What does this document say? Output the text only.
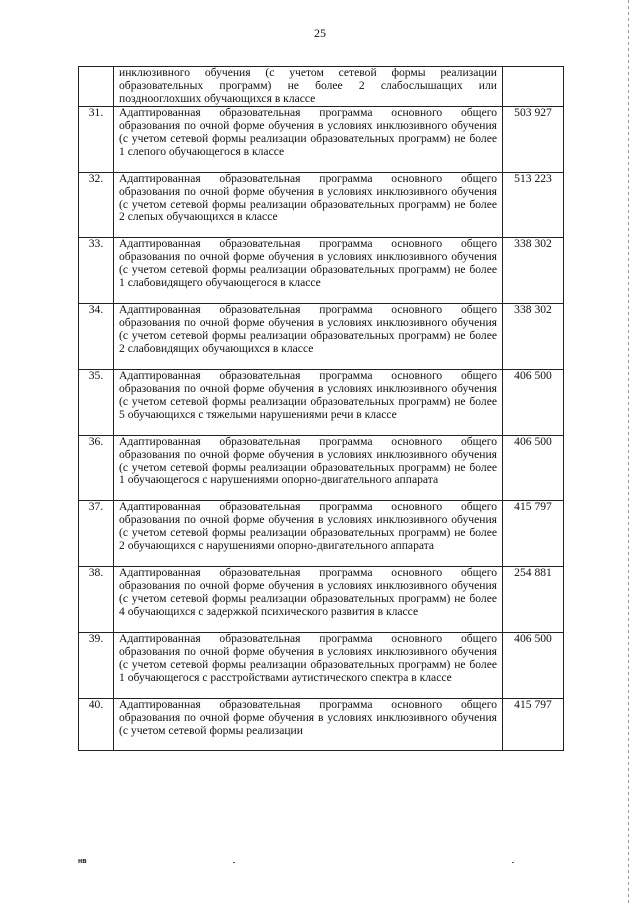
25

	инклюзивного обучения (с учетом сетевой формы реализации образовательных программ) не более 2 слабослышащих или позднооглохших обучающихся в классе		

31.	Адаптированная образовательная программа основного общего образования по очной форме обучения в условиях инклюзивного обучения (с учетом сетевой формы реализации образовательных программ) не более 1 слепого обучающегося в классе	503 927	

32.	Адаптированная образовательная программа основного общего образования по очной форме обучения в условиях инклюзивного обучения (с учетом сетевой формы реализации образовательных программ) не более 2 слепых обучающихся в классе	513 223	

33.	Адаптированная образовательная программа основного общего образования по очной форме обучения в условиях инклюзивного обучения (с учетом сетевой формы реализации образовательных программ) не более 1 слабовидящего обучающегося в классе	338 302	

34.	Адаптированная образовательная программа основного общего образования по очной форме обучения в условиях инклюзивного обучения (с учетом сетевой формы реализации образовательных программ) не более 2 слабовидящих обучающихся в классе	338 302	

35.	Адаптированная образовательная программа основного общего образования по очной форме обучения в условиях инклюзивного обучения (с учетом сетевой формы реализации образовательных программ) не более 5 обучающихся с тяжелыми нарушениями речи в классе	406 500	

36.	Адаптированная образовательная программа основного общего образования по очной форме обучения в условиях инклюзивного обучения (с учетом сетевой формы реализации образовательных программ) не более 1 обучающегося с нарушениями опорно-двигательного аппарата	406 500	

37.	Адаптированная образовательная программа основного общего образования по очной форме обучения в условиях инклюзивного обучения (с учетом сетевой формы реализации образовательных программ) не более 2 обучающихся с нарушениями опорно-двигательного аппарата	415 797	

38.	Адаптированная образовательная программа основного общего образования по очной форме обучения в условиях инклюзивного обучения (с учетом сетевой формы реализации образовательных программ) не более 4 обучающихся с задержкой психического развития в классе	254 881	

39.	Адаптированная образовательная программа основного общего образования по очной форме обучения в условиях инклюзивного обучения (с учетом сетевой формы реализации образовательных программ) не более 1 обучающегося с расстройствами аутистического спектра в классе	406 500	

40.	Адаптированная образовательная программа основного общего образования по очной форме обучения в условиях инклюзивного обучения (с учетом сетевой формы реализации	415 797	

нв
